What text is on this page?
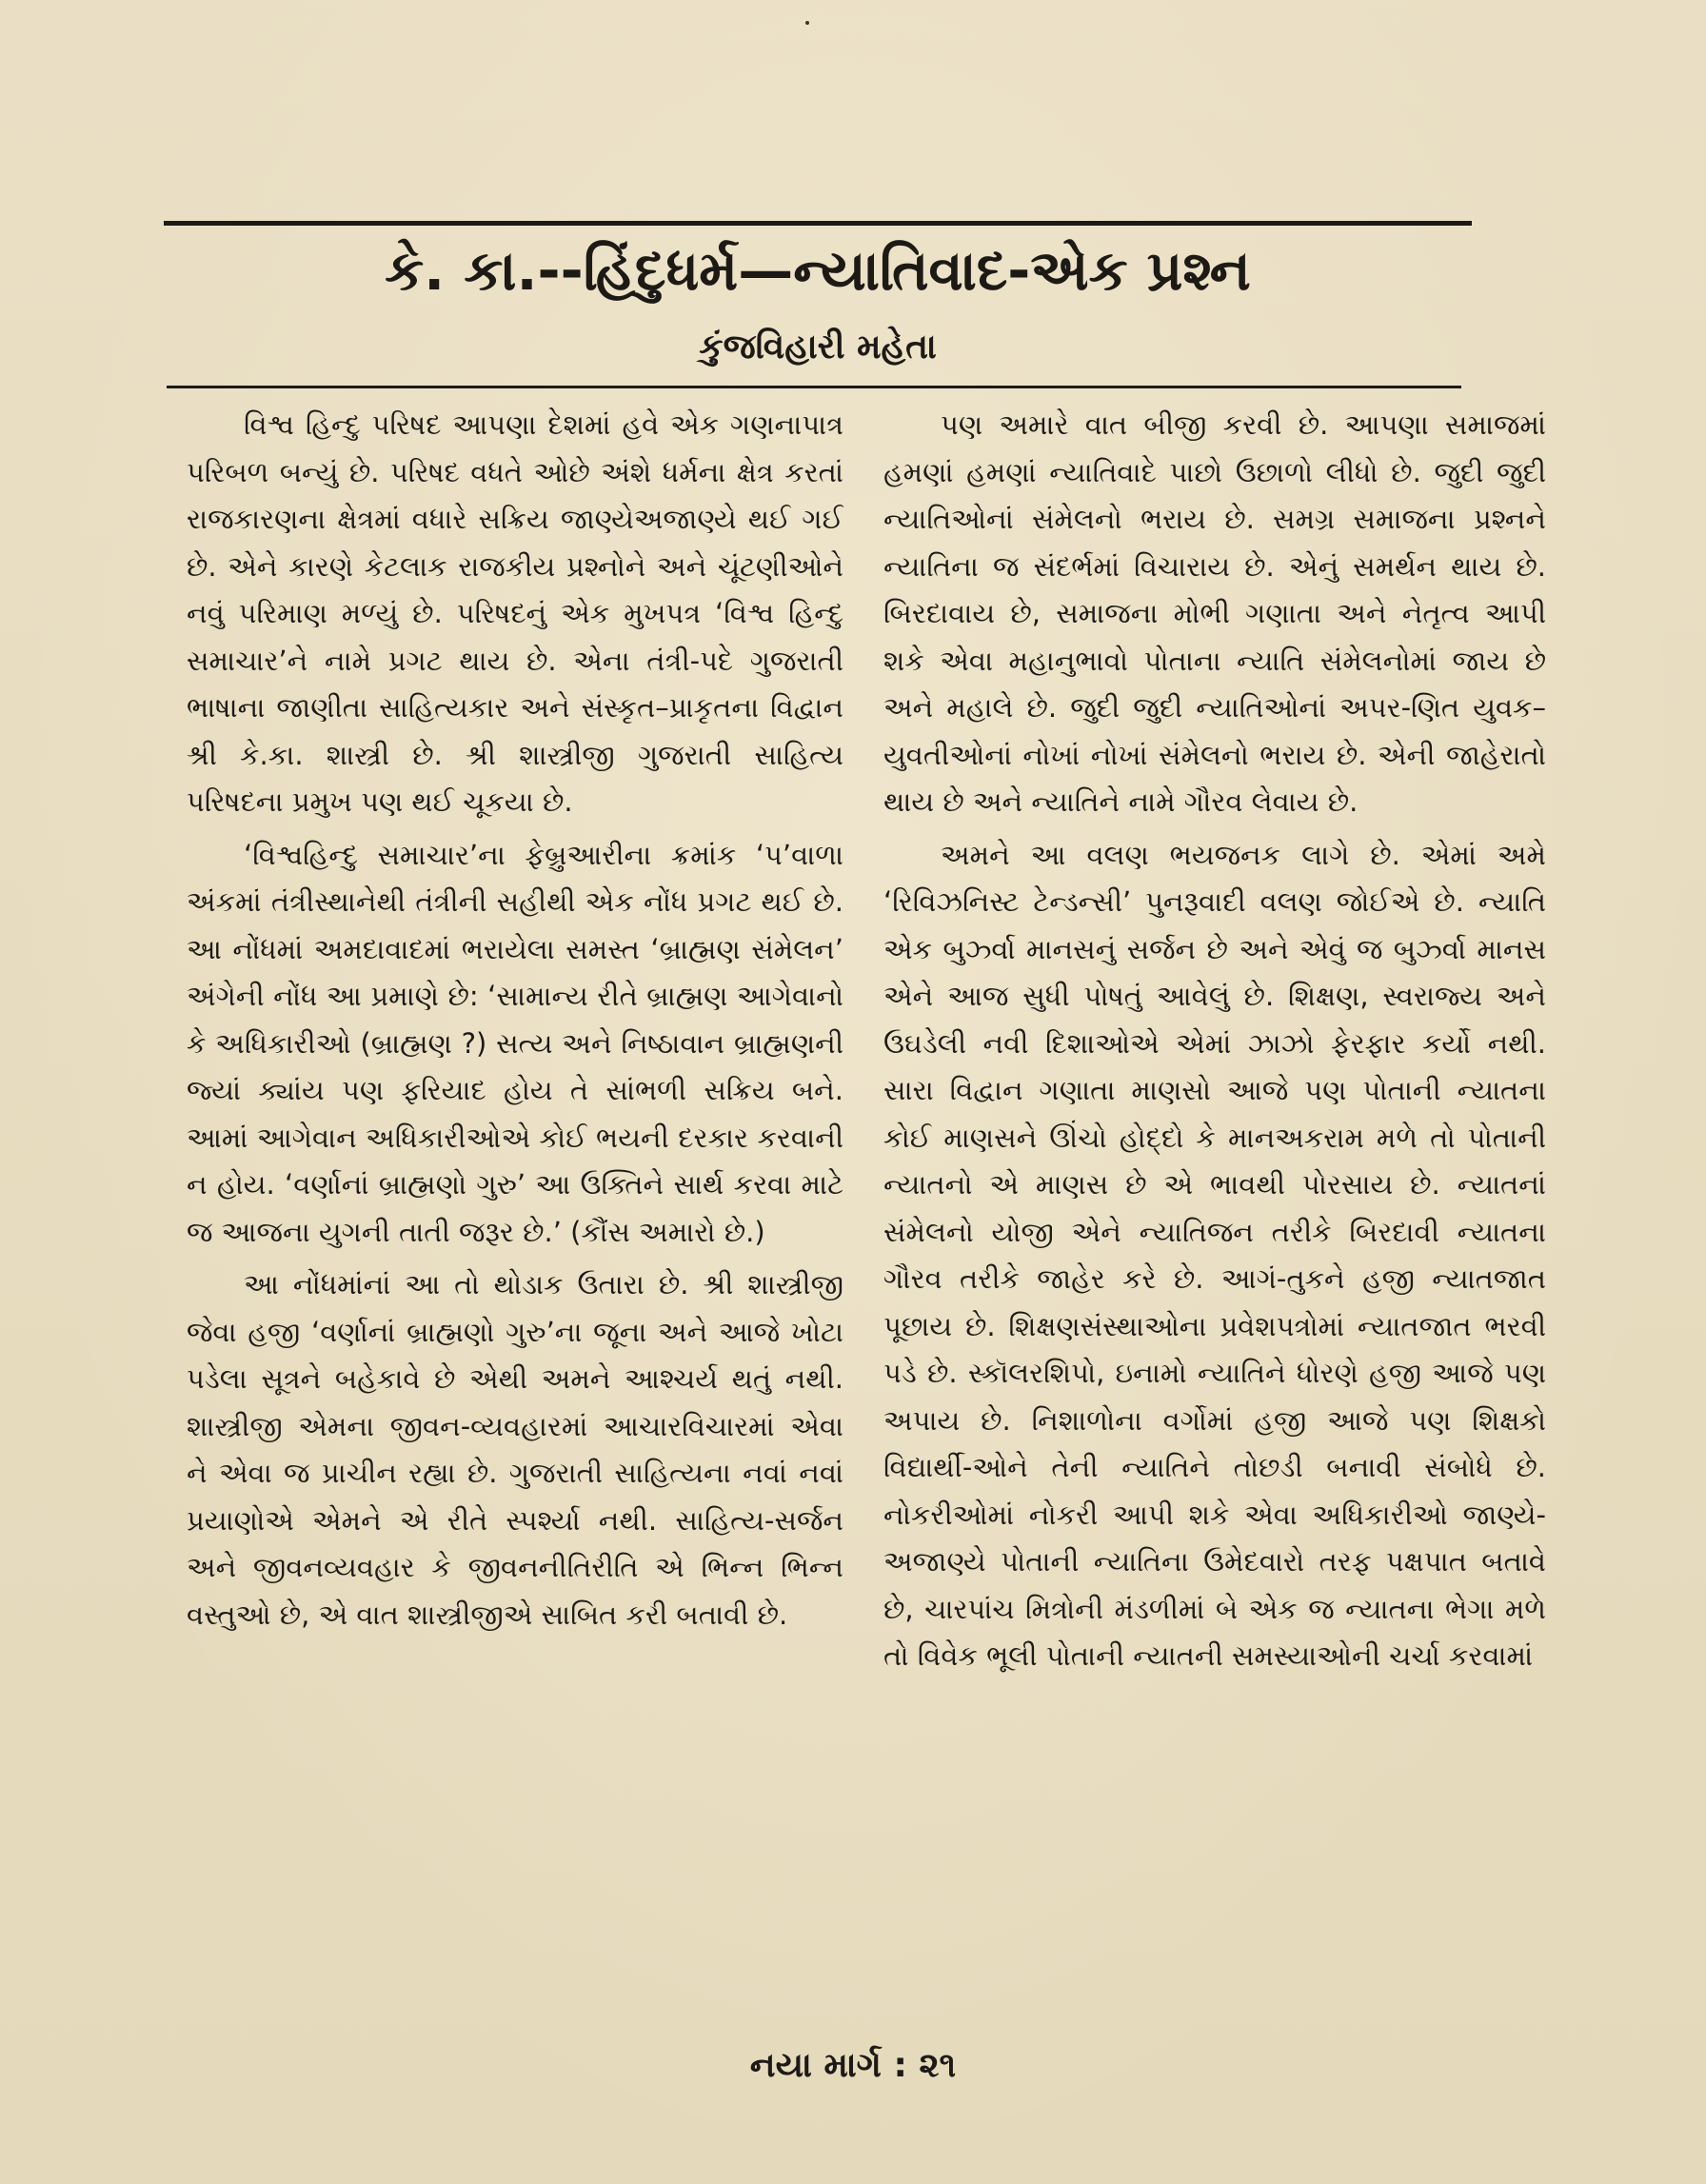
કે. કા.--હિંદુધર્મ—ન્યાતિવાદ-એક પ્રશ્ન
કુંજવિહારી મહેતા

વિશ્વ હિન્દુ પરિષદ આપણા દેશમાં હવે એક ગણનાપાત્ર પરિબળ બન્યું છે. પરિષદ વધતે ઓછે અંશે ધર્મના ક્ષેત્ર કરતાં રાજકારણના ક્ષેત્રમાં વધારે સક્રિય જાણ્યેઅજાણ્યે થઈ ગઈ છે. એને કારણે કેટલાક રાજકીય પ્રશ્નોને અને ચૂંટણીઓને નવું પરિમાણ મળ્યું છે. પરિષદનું એક મુખપત્ર ‘વિશ્વ હિન્દુ સમાચાર’ને નામે પ્રગટ થાય છે. એના તંત્રી-પદે ગુજરાતી ભાષાના જાણીતા સાહિત્યકાર અને સંસ્કૃત–પ્રાકૃતના વિદ્વાન શ્રી કે.કા. શાસ્ત્રી છે. શ્રી શાસ્ત્રીજી ગુજરાતી સાહિત્ય પરિષદના પ્રમુખ પણ થઈ ચૂકયા છે.

‘વિશ્વહિન્દુ સમાચાર’ના ફેબ્રુઆરીના ક્રમાંક ‘પ’વાળા અંકમાં તંત્રીસ્થાનેથી તંત્રીની સહીથી એક નોંધ પ્રગટ થઈ છે. આ નોંધમાં અમદાવાદમાં ભરાયેલા સમસ્ત ‘બ્રાહ્મણ સંમેલન’ અંગેની નોંધ આ પ્રમાણે છે: ‘સામાન્ય રીતે બ્રાહ્મણ આગેવાનો કે અધિકારીઓ (બ્રાહ્મણ ?) સત્ય અને નિષ્ઠાવાન બ્રાહ્મણની જ્યાં ક્યાંય પણ ફરિયાદ હોય તે સાંભળી સક્રિય બને. આમાં આગેવાન અધિકારીઓએ કોઈ ભયની દરકાર કરવાની ન હોય. ‘વર્ણાનાં બ્રાહ્મણો ગુરુ’ આ ઉક્તિને સાર્થ કરવા માટે જ આજના યુગની તાતી જરૂર છે.’ (કૌંસ અમારો છે.)

આ નોંધમાંનાં આ તો થોડાક ઉતારા છે. શ્રી શાસ્ત્રીજી જેવા હજી ‘વર્ણાનાં બ્રાહ્મણો ગુરુ’ના જૂના અને આજે ખોટા પડેલા સૂત્રને બહેકાવે છે એથી અમને આશ્ચર્ય થતું નથી. શાસ્ત્રીજી એમના જીવન-વ્યવહારમાં આચારવિચારમાં એવા ને એવા જ પ્રાચીન રહ્યા છે. ગુજરાતી સાહિત્યના નવાં નવાં પ્રયાણોએ એમને એ રીતે સ્પર્શ્યા નથી. સાહિત્ય-સર્જન અને જીવનવ્યવહાર કે જીવનનીતિરીતિ એ ભિન્ન ભિન્ન વસ્તુઓ છે, એ વાત શાસ્ત્રીજીએ સાબિત કરી બતાવી છે.

પણ અમારે વાત બીજી કરવી છે. આપણા સમાજમાં હમણાં હમણાં ન્યાતિવાદે પાછો ઉછાળો લીધો છે. જુદી જુદી ન્યાતિઓનાં સંમેલનો ભરાય છે. સમગ્ર સમાજના પ્રશ્નને ન્યાતિના જ સંદર્ભમાં વિચારાય છે. એનું સમર્થન થાય છે. બિરદાવાય છે, સમાજના મોભી ગણાતા અને નેતૃત્વ આપી શકે એવા મહાનુભાવો પોતાના ન્યાતિ સંમેલનોમાં જાય છે અને મહાલે છે. જુદી જુદી ન્યાતિઓનાં અપર-ણિત યુવક–યુવતીઓનાં નોખાં નોખાં સંમેલનો ભરાય છે. એની જાહેરાતો થાય છે અને ન્યાતિને નામે ગૌરવ લેવાય છે.

અમને આ વલણ ભયજનક લાગે છે. એમાં અમે ‘રિવિઝનિસ્ટ ટેન્ડન્સી’ પુનરૂવાદી વલણ જોઈએ છે. ન્યાતિ એક બુર્ઝ્વા માનસનું સર્જન છે અને એવું જ બુર્ઝ્વા માનસ એને આજ સુધી પોષતું આવેલું છે. શિક્ષણ, સ્વરાજ્ય અને ઉઘડેલી નવી દિશાઓએ એમાં ઝાઝો ફેરફાર કર્યો નથી. સારા વિદ્વાન ગણાતા માણસો આજે પણ પોતાની ન્યાતના કોઈ માણસને ઊંચો હોદ્દો કે માનઅકરામ મળે તો પોતાની ન્યાતનો એ માણસ છે એ ભાવથી પોરસાય છે. ન્યાતનાં સંમેલનો યોજી એને ન્યાતિજન તરીકે બિરદાવી ન્યાતના ગૌરવ તરીકે જાહેર કરે છે. આગં-તુકને હજી ન્યાતજાત પૂછાય છે. શિક્ષણસંસ્થાઓના પ્રવેશપત્રોમાં ન્યાતજાત ભરવી પડે છે. સ્કૉલરશિપો, ઇનામો ન્યાતિને ધોરણે હજી આજે પણ અપાય છે. નિશાળોના વર્ગોમાં હજી આજે પણ શિક્ષકો વિદ્યાર્થી-ઓને તેની ન્યાતિને તોછડી બનાવી સંબોધે છે. નોકરીઓમાં નોકરી આપી શકે એવા અધિકારીઓ જાણ્યે-અજાણ્યે પોતાની ન્યાતિના ઉમેદવારો તરફ પક્ષપાત બતાવે છે, ચારપાંચ મિત્રોની મંડળીમાં બે એક જ ન્યાતના ભેગા મળે તો વિવેક ભૂલી પોતાની ન્યાતની સમસ્યાઓની ચર્ચા કરવામાં

નયા માર્ગ : ૨૧
